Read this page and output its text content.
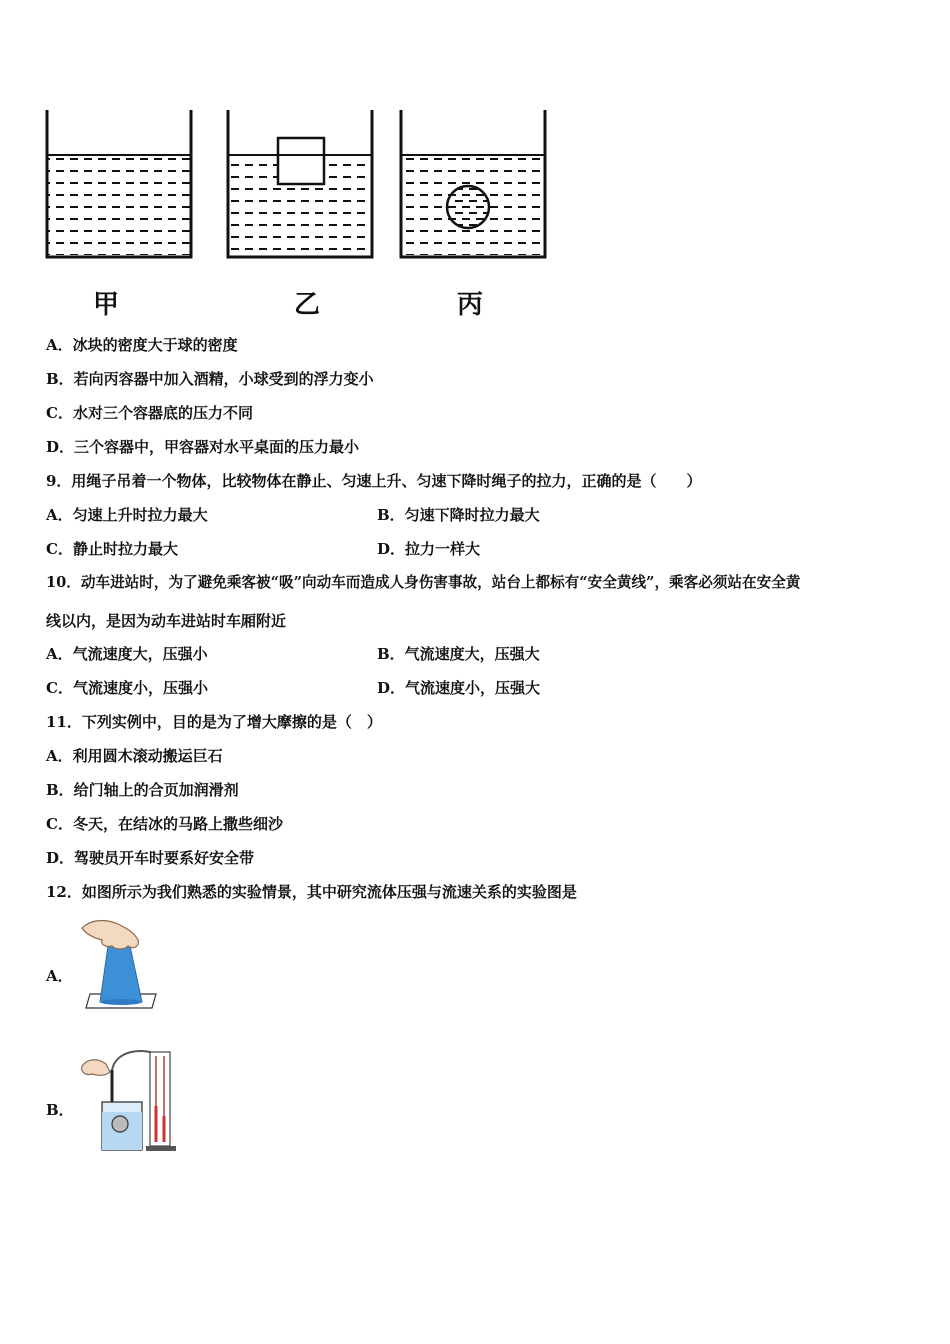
甲	乙	丙
A．冰块的密度大于球的密度
B．若向丙容器中加入酒精，小球受到的浮力变小
C．水对三个容器底的压力不同
D．三个容器中，甲容器对水平桌面的压力最小
9．用绳子吊着一个物体，比较物体在静止、匀速上升、匀速下降时绳子的拉力，正确的是（　　）
A．匀速上升时拉力最大	B．匀速下降时拉力最大
C．静止时拉力最大	D．拉力一样大
10．动车进站时，为了避免乘客被“吸”向动车而造成人身伤害事故，站台上都标有“安全黄线”，乘客必须站在安全黄
线以内，是因为动车进站时车厢附近
A．气流速度大，压强小	B．气流速度大，压强大
C．气流速度小，压强小	D．气流速度小，压强大
11．下列实例中，目的是为了增大摩擦的是（　）
A．利用圆木滚动搬运巨石
B．给门轴上的合页加润滑剂
C．冬天，在结冰的马路上撒些细沙
D．驾驶员开车时要系好安全带
12．如图所示为我们熟悉的实验情景，其中研究流体压强与流速关系的实验图是
A．
B．
